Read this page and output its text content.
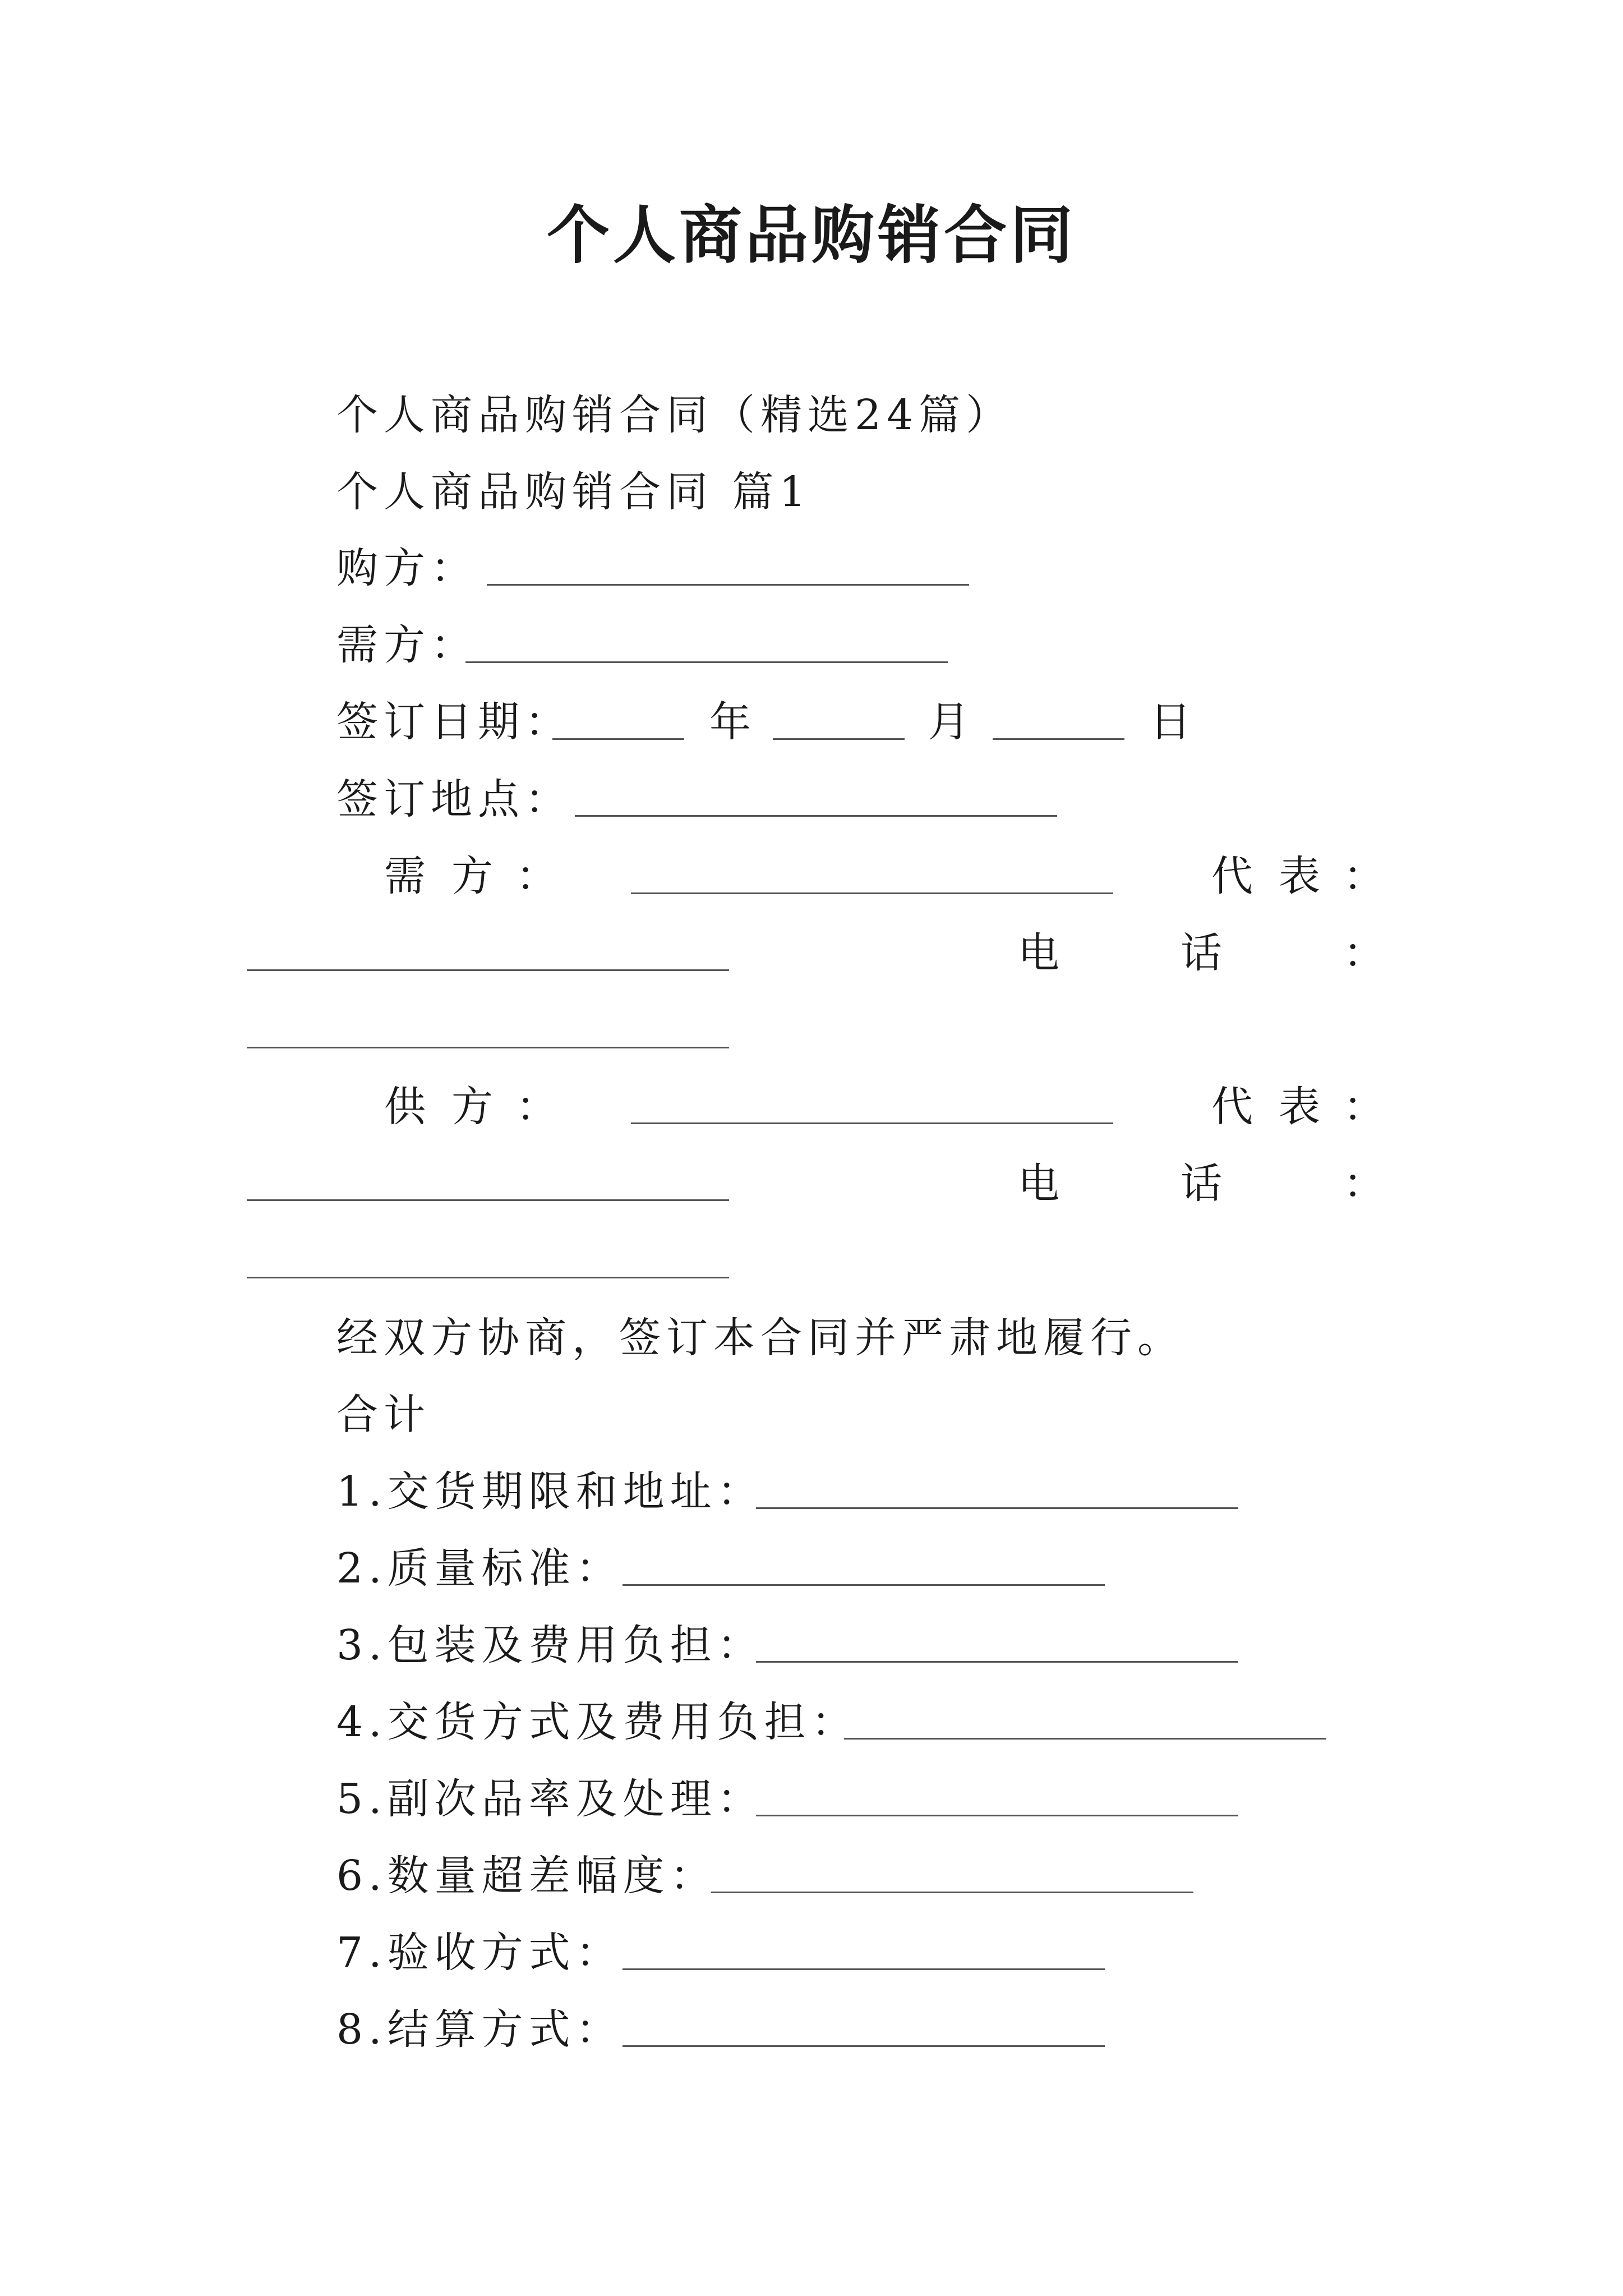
个人商品购销合同
个人商品购销合同（精选24篇）
个人商品购销合同 篇1
购方：
需方：
签订日期：	年	月	日
签订地点：
需 方 ：	代 表 ：
电	话	：
供 方 ：	代 表 ：
电	话	：
经双方协商，签订本合同并严肃地履行。
合计
1.交货期限和地址：
2.质量标准：
3.包装及费用负担：
4.交货方式及费用负担：
5.副次品率及处理：
6.数量超差幅度：
7.验收方式：
8.结算方式：
